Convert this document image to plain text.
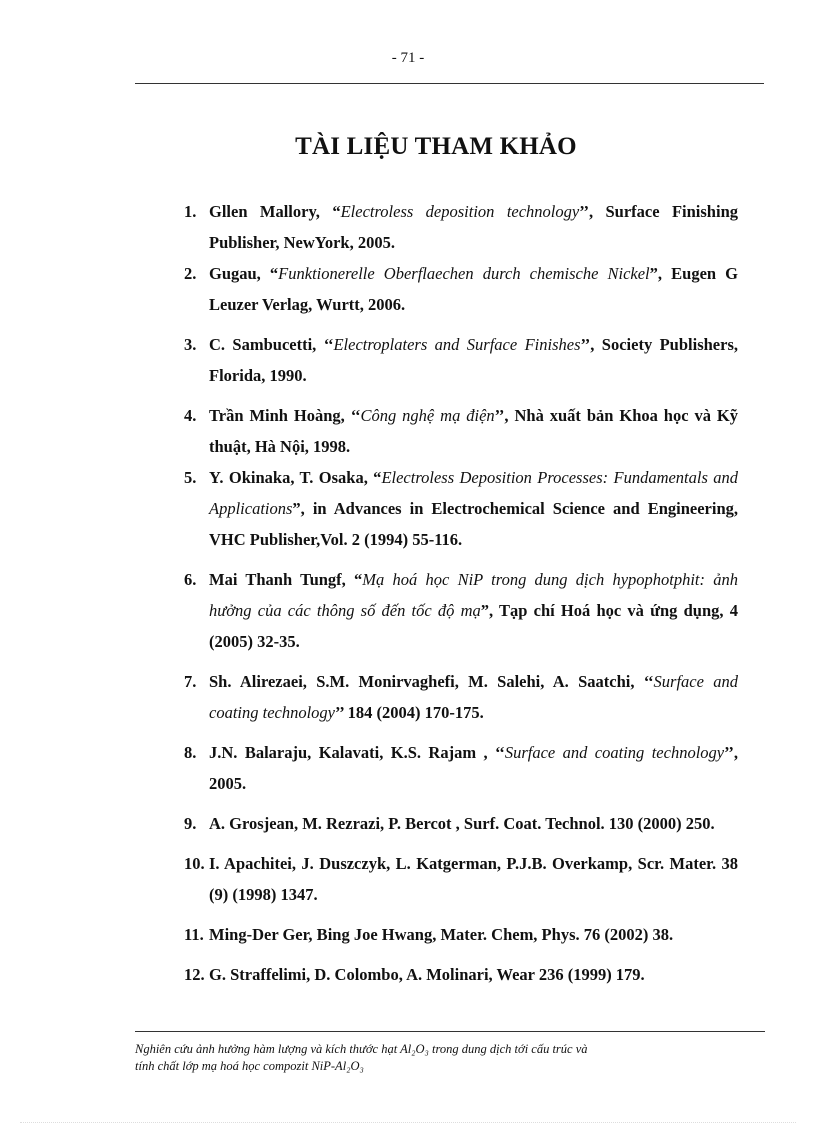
- 71 -
TÀI LIỆU THAM KHẢO
1. Gllen Mallory, “Electroless deposition technology’’, Surface Finishing Publisher, NewYork, 2005.
2. Gugau, “Funktionerelle Oberflaechen durch chemische Nickel”, Eugen G Leuzer Verlag, Wurtt, 2006.
3. C. Sambucetti, ‘‘Electroplaters and Surface Finishes’’, Society Publishers, Florida, 1990.
4. Trần Minh Hoàng, ‘‘Công nghệ mạ điện’’, Nhà xuất bản Khoa học và Kỹ thuật, Hà Nội, 1998.
5. Y. Okinaka, T. Osaka, “Electroless Deposition Processes: Fundamentals and Applications”, in Advances in Electrochemical Science and Engineering, VHC Publisher,Vol. 2 (1994) 55-116.
6. Mai Thanh Tungf, “Mạ hoá học NiP trong dung dịch hypophotphit: ảnh hưởng của các thông số đến tốc độ mạ”, Tạp chí Hoá học và ứng dụng, 4 (2005) 32-35.
7. Sh. Alirezaei, S.M. Monirvaghefi, M. Salehi, A. Saatchi, ‘‘Surface and coating technology’’ 184 (2004) 170-175.
8. J.N. Balaraju, Kalavati, K.S. Rajam , ‘‘Surface and coating technology’’, 2005.
9. A. Grosjean, M. Rezrazi, P. Bercot , Surf. Coat. Technol. 130 (2000) 250.
10. I. Apachitei, J. Duszczyk, L. Katgerman, P.J.B. Overkamp, Scr. Mater. 38 (9) (1998) 1347.
11. Ming-Der Ger, Bing Joe Hwang, Mater. Chem, Phys. 76 (2002) 38.
12. G. Straffelimi, D. Colombo, A. Molinari, Wear 236 (1999) 179.
Nghiên cứu ảnh hưởng hàm lượng và kích thước hạt Al₂O₃ trong dung dịch tới cấu trúc và
tính chất lớp mạ hoá học compozit NiP-Al₂O₃
